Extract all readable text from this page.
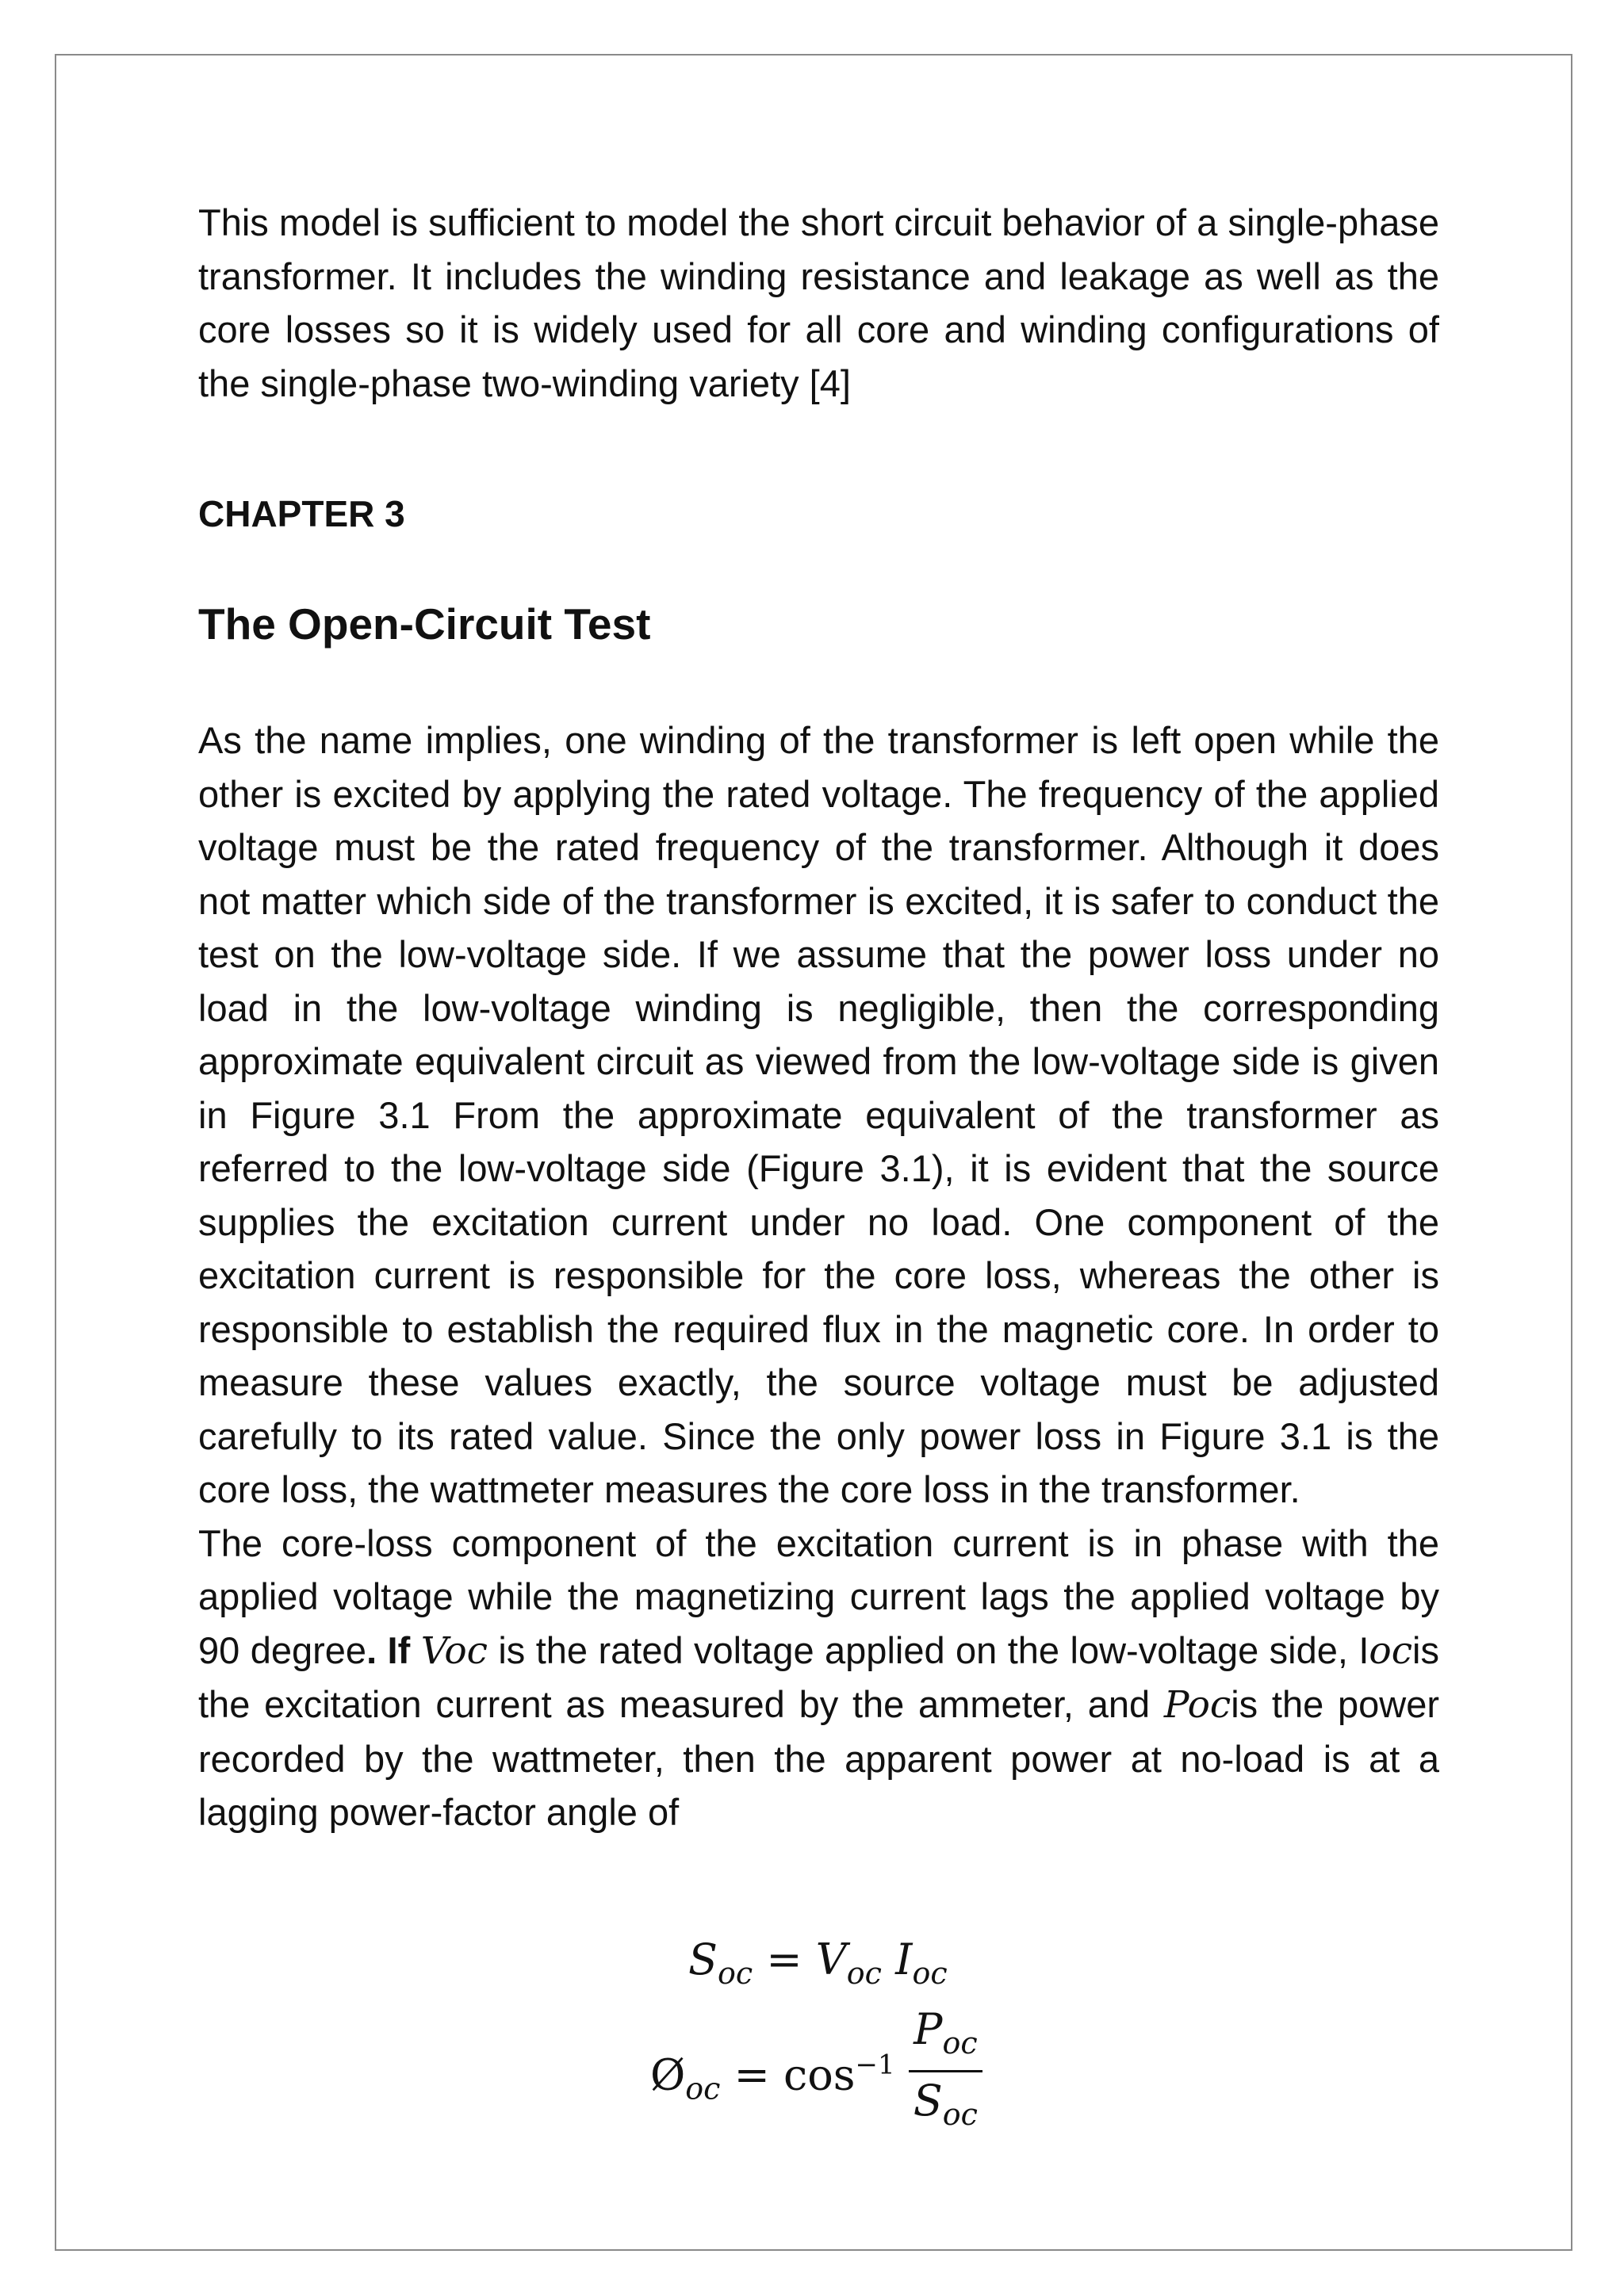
This model is sufficient to model the short circuit behavior of a single-phase transformer. It includes the winding resistance and leakage as well as the core losses so it is widely used for all core and winding configurations of the single-phase two-winding variety [4]

CHAPTER 3
The Open-Circuit Test

As the name implies, one winding of the transformer is left open while the other is excited by applying the rated voltage. The frequency of the applied voltage must be the rated frequency of the transformer. Although it does not matter which side of the transformer is excited, it is safer to conduct the test on the low-voltage side. If we assume that the power loss under no load in the low-voltage winding is negligible, then the corresponding approximate equivalent circuit as viewed from the low-voltage side is given in Figure 3.1 From the approximate equivalent of the transformer as referred to the low-voltage side (Figure 3.1), it is evident that the source supplies the excitation current under no load. One component of the excitation current is responsible for the core loss, whereas the other is responsible to establish the required flux in the magnetic core. In order to measure these values exactly, the source voltage must be adjusted carefully to its rated value. Since the only power loss in Figure 3.1 is the core loss, the wattmeter measures the core loss in the transformer.

The core-loss component of the excitation current is in phase with the applied voltage while the magnetizing current lags the applied voltage by 90 degree. If Voc is the rated voltage applied on the low-voltage side, Iocis the excitation current as measured by the ammeter, and Pocis the power recorded by the wattmeter, then the apparent power at no-load is at a lagging power-factor angle of

$S_{oc} = V_{oc}$ $I_{oc}$
$Ø_{oc} = \cos^{-1} \frac{P_{oc}}{S_{oc}}$
